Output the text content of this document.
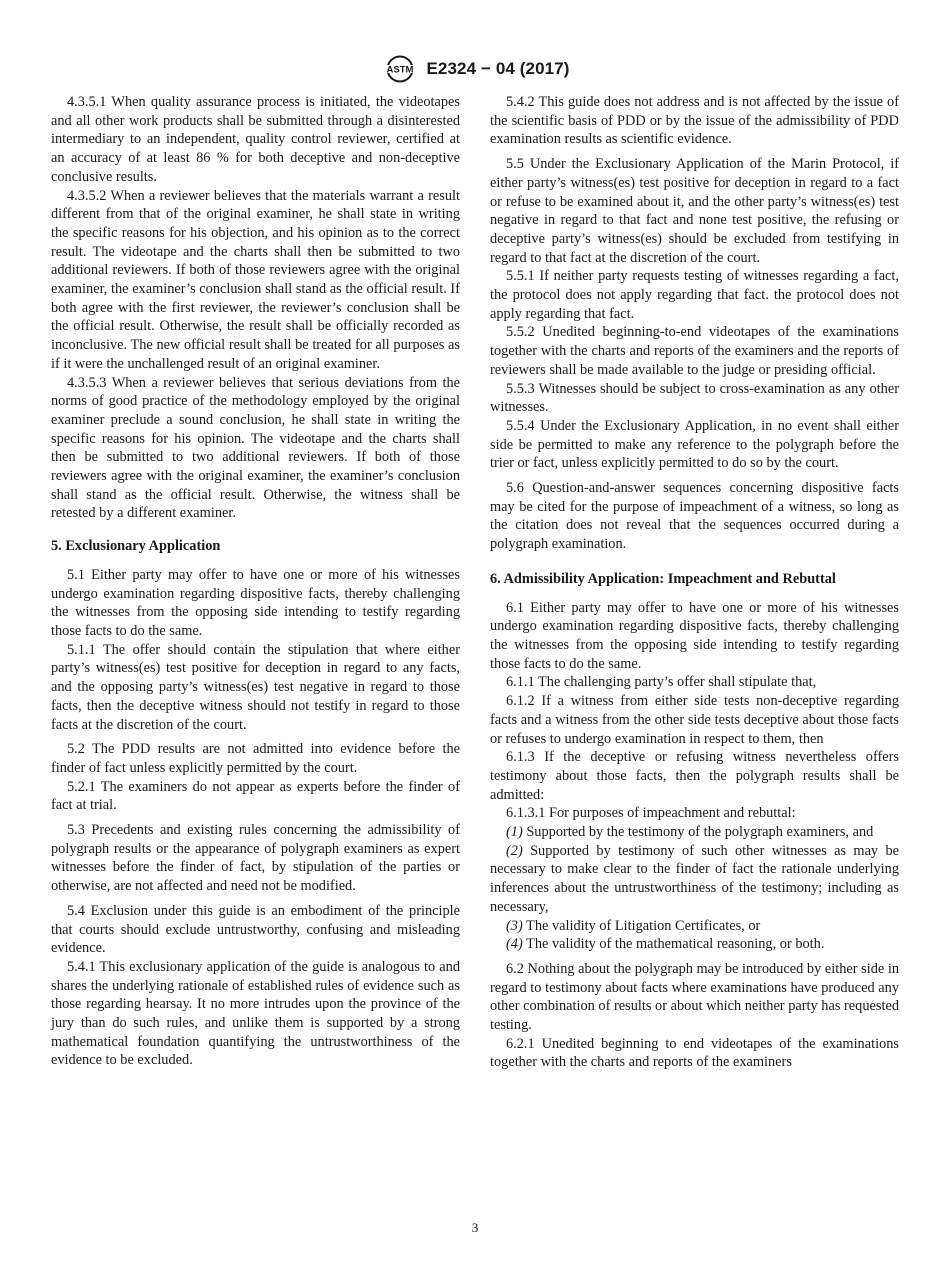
ASTM E2324 − 04 (2017)

4.3.5.1 When quality assurance process is initiated, the videotapes and all other work products shall be submitted through a disinterested intermediary to an independent, quality control reviewer, certified at an accuracy of at least 86 % for both deceptive and non-deceptive conclusive results.

4.3.5.2 When a reviewer believes that the materials warrant a result different from that of the original examiner, he shall state in writing the specific reasons for his objection, and his opinion as to the correct result. The videotape and the charts shall then be submitted to two additional reviewers. If both of those reviewers agree with the original examiner, the examiner’s conclusion shall stand as the official result. If both agree with the first reviewer, the reviewer’s conclusion shall be the official result. Otherwise, the result shall be officially recorded as inconclusive. The new official result shall be treated for all purposes as if it were the unchallenged result of an original examiner.

4.3.5.3 When a reviewer believes that serious deviations from the norms of good practice of the methodology employed by the original examiner preclude a sound conclusion, he shall state in writing the specific reasons for his opinion. The videotape and the charts shall then be submitted to two additional reviewers. If both of those reviewers agree with the original examiner, the examiner’s conclusion shall stand as the official result. Otherwise, the witness shall be retested by a different examiner.

5. Exclusionary Application

5.1 Either party may offer to have one or more of his witnesses undergo examination regarding dispositive facts, thereby challenging the witnesses from the opposing side intending to testify regarding those facts to do the same.

5.1.1 The offer should contain the stipulation that where either party’s witness(es) test positive for deception in regard to any facts, and the opposing party’s witness(es) test negative in regard to those facts, then the deceptive witness should not testify in regard to those facts at the discretion of the court.

5.2 The PDD results are not admitted into evidence before the finder of fact unless explicitly permitted by the court.

5.2.1 The examiners do not appear as experts before the finder of fact at trial.

5.3 Precedents and existing rules concerning the admissibility of polygraph results or the appearance of polygraph examiners as expert witnesses before the finder of fact, by stipulation of the parties or otherwise, are not affected and need not be modified.

5.4 Exclusion under this guide is an embodiment of the principle that courts should exclude untrustworthy, confusing and misleading evidence.

5.4.1 This exclusionary application of the guide is analogous to and shares the underlying rationale of established rules of evidence such as those regarding hearsay. It no more intrudes upon the province of the jury than do such rules, and unlike them is supported by a strong mathematical foundation quantifying the untrustworthiness of the evidence to be excluded.

5.4.2 This guide does not address and is not affected by the issue of the scientific basis of PDD or by the issue of the admissibility of PDD examination results as scientific evidence.

5.5 Under the Exclusionary Application of the Marin Protocol, if either party’s witness(es) test positive for deception in regard to a fact or refuse to be examined about it, and the other party’s witness(es) test negative in regard to that fact and none test positive, the refusing or deceptive party’s witness(es) should be excluded from testifying in regard to that fact at the discretion of the court.

5.5.1 If neither party requests testing of witnesses regarding a fact, the protocol does not apply regarding that fact. the protocol does not apply regarding that fact.

5.5.2 Unedited beginning-to-end videotapes of the examinations together with the charts and reports of the examiners and the reports of reviewers shall be made available to the judge or presiding official.

5.5.3 Witnesses should be subject to cross-examination as any other witnesses.

5.5.4 Under the Exclusionary Application, in no event shall either side be permitted to make any reference to the polygraph before the trier or fact, unless explicitly permitted to do so by the court.

5.6 Question-and-answer sequences concerning dispositive facts may be cited for the purpose of impeachment of a witness, so long as the citation does not reveal that the sequences occurred during a polygraph examination.

6. Admissibility Application: Impeachment and Rebuttal

6.1 Either party may offer to have one or more of his witnesses undergo examination regarding dispositive facts, thereby challenging the witnesses from the opposing side intending to testify regarding those facts to do the same.

6.1.1 The challenging party’s offer shall stipulate that,

6.1.2 If a witness from either side tests non-deceptive regarding facts and a witness from the other side tests deceptive about those facts or refuses to undergo examination in respect to them, then

6.1.3 If the deceptive or refusing witness nevertheless offers testimony about those facts, then the polygraph results shall be admitted:

6.1.3.1 For purposes of impeachment and rebuttal:

(1) Supported by the testimony of the polygraph examiners, and

(2) Supported by testimony of such other witnesses as may be necessary to make clear to the finder of fact the rationale underlying inferences about the untrustworthiness of the testimony; including as necessary,

(3) The validity of Litigation Certificates, or

(4) The validity of the mathematical reasoning, or both.

6.2 Nothing about the polygraph may be introduced by either side in regard to testimony about facts where examinations have produced any other combination of results or about which neither party has requested testing.

6.2.1 Unedited beginning to end videotapes of the examinations together with the charts and reports of the examiners

3
